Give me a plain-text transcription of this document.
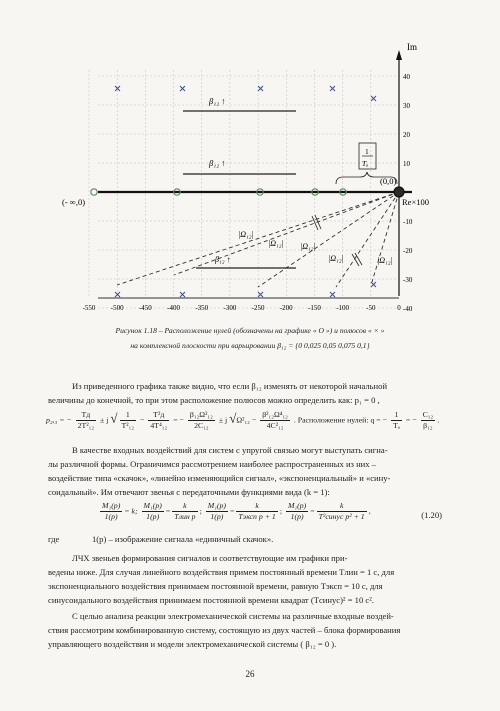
-550 -500 -450 -400 -350 -300 -250 -200 -150 -100 -50	0
40
30
20
10
-10
-20
-30
-40
Im
Re×100
(- ∞,0)
(0,0)
β₁₂ ↑
β₁₂ ↑
1
Tₐ
β₁₂ ↑
|Ω₁₂|
|Ω₁₂| |Ω₁₂|
|Ω₁₂|	|Ω₁₂|
Рисунок 1.18 – Расположение нулей (обозначены на графике « О ») и полюсов « × »
на комплексной плоскости при варьировании β₁₂ = {0 0,025 0,05 0,075 0,1}
Из приведенного графика также видно, что если β₁₂ изменять от некоторой начальной
величины до конечной, то при этом расположение полюсов можно определить как: p₁ = 0 ,
p₂,₃ = − $\frac{Tд}{\text{2T²₁₂}} \pm j$ √ $\frac{1}{\text{T²₁₂}} - \frac{\text{T²д}}{\text{4T⁴₁₂}}$ = − $\frac{\text{β₁₂Ω²₁₂}}{\text{2C₁₂}} \pm j$ $√\Omega^2_{12} - \frac{\text{β²₁₂Ω⁴₁₂}}{\text{4C²₁₂}}$ . Расположение нулей: q = − $\frac{1}{\text{Tₐ}}$ = − $\frac{\text{C₁₂}}{\text{β₁₂}}$ .
В качестве входных воздействий для систем с упругой связью могут выступать сигна-
лы различной формы. Ограничимся рассмотрением наиболее распространенных из них –
воздействие типа «скачок», «линейно изменяющийся сигнал», «экспоненциальный» и «сину-
соидальный». Им отвечают звенья с передаточными функциями вида (k = 1):
$\frac{\text{M₁(p)}}{1(p)} = k$; $\frac{\text{M₁(p)}}{1(p)} = \frac{k}{\text{Tлин p}}$ ; $\frac{\text{M₁(p)}}{1(p)} = \frac{k}{\text{Tэксп p + 1}}$ ; $\frac{\text{M₁(p)}}{1(p)} = \frac{k}{\text{T²синус p² + 1}}$ ,	(1.20)
где	1(p) – изображение сигнала «единичный скачок».
ЛЧХ звеньев формирования сигналов и соответствующие им графики при-
ведены ниже. Для случая линейного воздействия примем постоянный времени Tлин = 1 с, для
экспоненциального воздействия принимаем постоянной времени, равную Tэксп = 10 с, для
синусоидального воздействия принимаем постоянной времени квадрат (Tсинус)² = 10 с².
С целью анализа реакции электромеханической системы на различные входные воздей-
ствия рассмотрим комбинированную систему, состоящую из двух частей – блока формирования
управляющего воздействия и модели электромеханической системы ( β₁₂ = 0 ).
26
